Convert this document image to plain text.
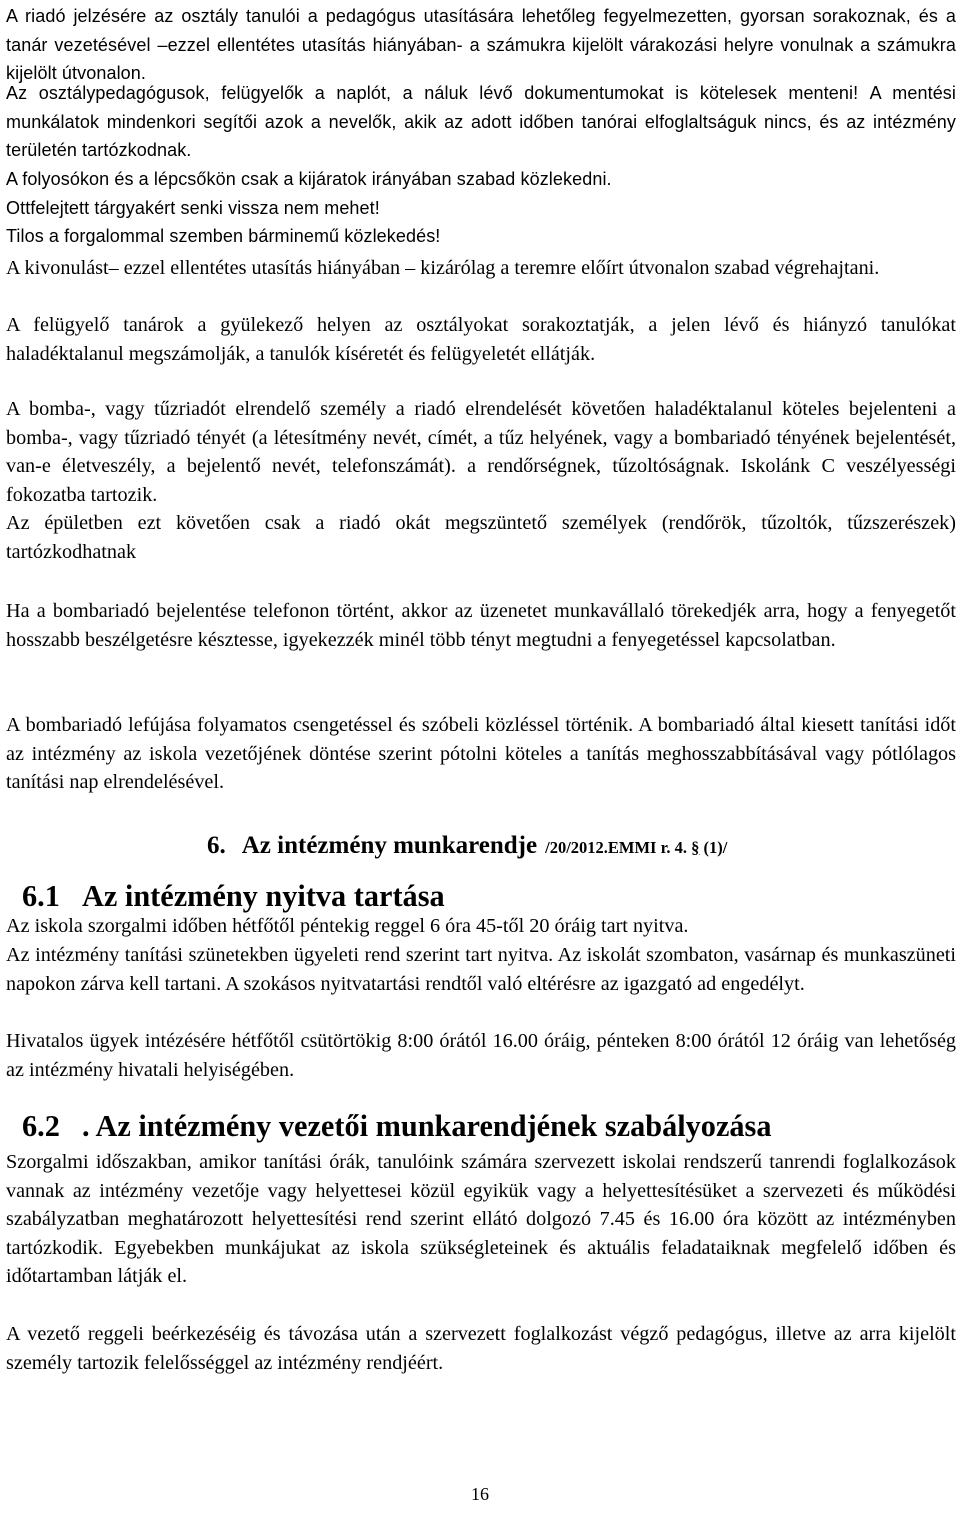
A riadó jelzésére az osztály tanulói a pedagógus utasítására lehetőleg fegyelmezetten, gyorsan sorakoznak, és a tanár vezetésével –ezzel ellentétes utasítás hiányában- a számukra kijelölt várakozási helyre vonulnak a számukra kijelölt útvonalon.

Az osztálypedagógusok, felügyelők a naplót, a náluk lévő dokumentumokat is kötelesek menteni! A mentési munkálatok mindenkori segítői azok a nevelők, akik az adott időben tanórai elfoglaltságuk nincs, és az intézmény területén tartózkodnak.

A folyosókon és a lépcsőkön csak a kijáratok irányában szabad közlekedni.

Ottfelejtett tárgyakért senki vissza nem mehet!

Tilos a forgalommal szemben bárminemű közlekedés!

A kivonulást– ezzel ellentétes utasítás hiányában – kizárólag a teremre előírt útvonalon szabad végrehajtani.

A felügyelő tanárok a gyülekező helyen az osztályokat sorakoztatják, a jelen lévő és hiányzó tanulókat haladéktalanul megszámolják, a tanulók kíséretét és felügyeletét ellátják.

A bomba-, vagy tűzriadót elrendelő személy a riadó elrendelését követően haladéktalanul köteles bejelenteni a bomba-, vagy tűzriadó tényét (a létesítmény nevét, címét, a tűz helyének, vagy a bombariadó tényének bejelentését, van-e életveszély, a bejelentő nevét, telefonszámát). a rendőrségnek, tűzoltóságnak. Iskolánk C veszélyességi fokozatba tartozik.
Az épületben ezt követően csak a riadó okát megszüntető személyek (rendőrök, tűzoltók, tűzszerészek) tartózkodhatnak

Ha a bombariadó bejelentése telefonon történt, akkor az üzenetet munkavállaló törekedjék arra, hogy a fenyegetőt hosszabb beszélgetésre késztesse, igyekezzék minél több tényt megtudni a fenyegetéssel kapcsolatban.

A bombariadó lefújása folyamatos csengetéssel és szóbeli közléssel történik. A bombariadó által kiesett tanítási időt az intézmény az iskola vezetőjének döntése szerint pótolni köteles a tanítás meghosszabbításával vagy pótlólagos tanítási nap elrendelésével.

6. Az intézmény munkarendje /20/2012.EMMI r. 4. § (1)/
6.1 Az intézmény nyitva tartása

Az iskola szorgalmi időben hétfőtől péntekig reggel 6 óra 45-től 20 óráig tart nyitva.

Az intézmény tanítási szünetekben ügyeleti rend szerint tart nyitva. Az iskolát szombaton, vasárnap és munkaszüneti napokon zárva kell tartani. A szokásos nyitvatartási rendtől való eltérésre az igazgató ad engedélyt.

Hivatalos ügyek intézésére hétfőtől csütörtökig 8:00 órától 16.00 óráig, pénteken 8:00 órától 12 óráig van lehetőség az intézmény hivatali helyiségében.

6.2 . Az intézmény vezetői munkarendjének szabályozása

Szorgalmi időszakban, amikor tanítási órák, tanulóink számára szervezett iskolai rendszerű tanrendi foglalkozások vannak az intézmény vezetője vagy helyettesei közül egyikük vagy a helyettesítésüket a szervezeti és működési szabályzatban meghatározott helyettesítési rend szerint ellátó dolgozó 7.45 és 16.00 óra között az intézményben tartózkodik. Egyebekben munkájukat az iskola szükségleteinek és aktuális feladataiknak megfelelő időben és időtartamban látják el.

A vezető reggeli beérkezéséig és távozása után a szervezett foglalkozást végző pedagógus, illetve az arra kijelölt személy tartozik felelősséggel az intézmény rendjéért.

16
